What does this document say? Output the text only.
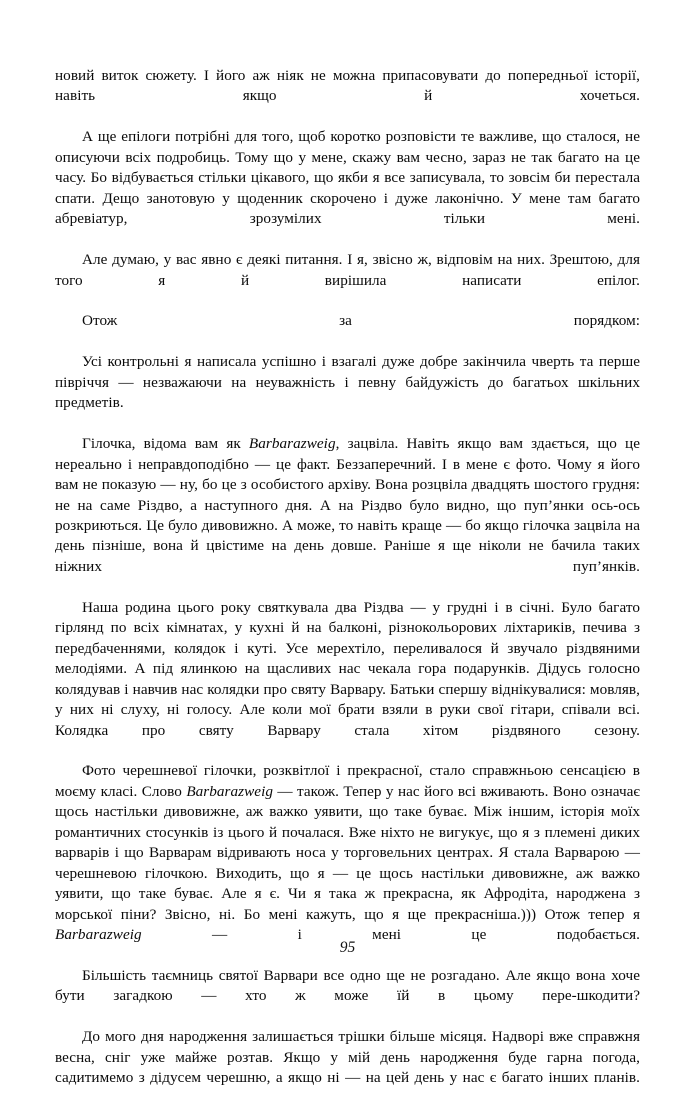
новий виток сюжету. І його аж ніяк не можна припасовувати до попередньої історії, навіть якщо й хочеться.

А ще епілоги потрібні для того, щоб коротко розповісти те важливе, що сталося, не описуючи всіх подробиць. Тому що у мене, скажу вам чесно, зараз не так багато на це часу. Бо відбувається стільки цікавого, що якби я все записувала, то зовсім би перестала спати. Дещо занотовую у щоденник скорочено і дуже лаконічно. У мене там багато абревіатур, зрозумілих тільки мені.

Але думаю, у вас явно є деякі питання. І я, звісно ж, відповім на них. Зрештою, для того я й вирішила написати епілог.

Отож за порядком:

Усі контрольні я написала успішно і взагалі дуже добре закінчила чверть та перше півріччя — незважаючи на неуважність і певну байдужість до багатьох шкільних предметів.

Гілочка, відома вам як Barbarazweig, зацвіла. Навіть якщо вам здається, що це нереально і неправдоподібно — це факт. Беззаперечний. І в мене є фото. Чому я його вам не показую — ну, бо це з особистого архіву. Вона розцвіла двадцять шостого грудня: не на саме Різдво, а наступного дня. А на Різдво було видно, що пуп’янки ось-ось розкриються. Це було дивовижно. А може, то навіть краще — бо якщо гілочка зацвіла на день пізніше, вона й цвістиме на день довше. Раніше я ще ніколи не бачила таких ніжних пуп’янків.

Наша родина цього року святкувала два Різдва — у грудні і в січні. Було багато гірлянд по всіх кімнатах, у кухні й на балконі, різнокольорових ліхтариків, печива з передбаченнями, колядок і куті. Усе мерехтіло, переливалося й звучало різдвяними мелодіями. А під ялинкою на щасливих нас чекала гора подарунків. Дідусь голосно колядував і навчив нас колядки про святу Варвару. Батьки спершу віднікувалися: мовляв, у них ні слуху, ні голосу. Але коли мої брати взяли в руки свої гітари, співали всі. Колядка про святу Варвару стала хітом різдвяного сезону.

Фото черешневої гілочки, розквітлої і прекрасної, стало справжньою сенсацією в моєму класі. Слово Barbarazweig — також. Тепер у нас його всі вживають. Воно означає щось настільки дивовижне, аж важко уявити, що таке буває. Між іншим, історія моїх романтичних стосунків із цього й почалася. Вже ніхто не вигукує, що я з племені диких варварів і що Варварам відривають носа у торговельних центрах. Я стала Варварою — черешневою гілочкою. Виходить, що я — це щось настільки дивовижне, аж важко уявити, що таке буває. Але я є. Чи я така ж прекрасна, як Афродіта, народжена з морської піни? Звісно, ні. Бо мені кажуть, що я ще прекрасніша.))) Отож тепер я Barbarazweig — і мені це подобається.

Більшість таємниць святої Варвари все одно ще не розгадано. Але якщо вона хоче бути загадкою — хто ж може їй в цьому пере-шкодити?

До мого дня народження залишається трішки більше місяця. Надворі вже справжня весна, сніг уже майже розтав. Якщо у мій день народження буде гарна погода, садитимемо з дідусем черешню, а якщо ні — на цей день у нас є багато інших планів.

95
